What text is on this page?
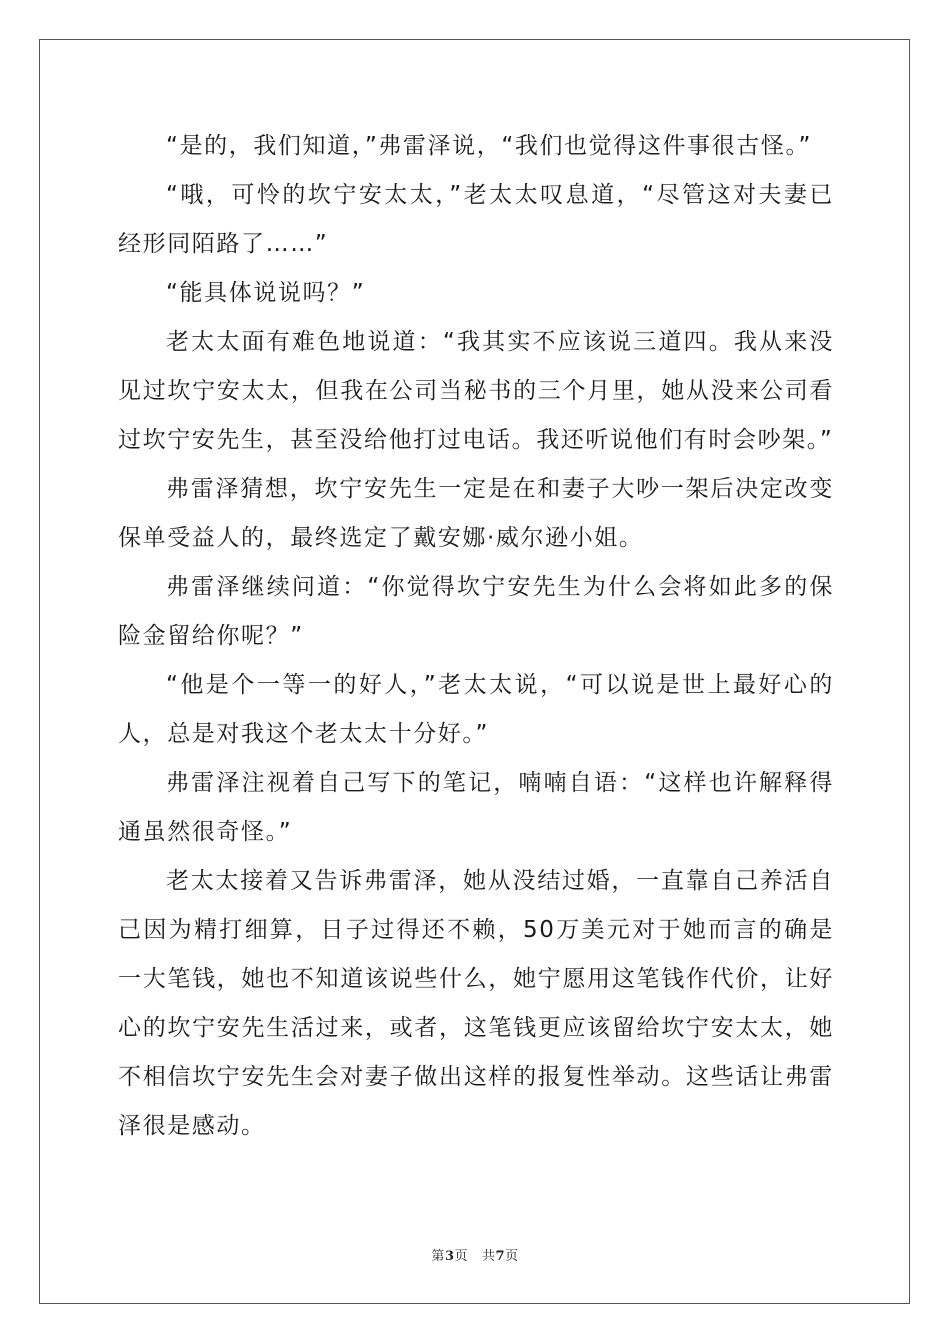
“是的，我们知道，”弗雷泽说，“我们也觉得这件事很古怪。”

“哦，可怜的坎宁安太太，”老太太叹息道，“尽管这对夫妻已经形同陌路了……”

“能具体说说吗？”

老太太面有难色地说道：“我其实不应该说三道四。我从来没见过坎宁安太太，但我在公司当秘书的三个月里，她从没来公司看过坎宁安先生，甚至没给他打过电话。我还听说他们有时会吵架。”

弗雷泽猜想，坎宁安先生一定是在和妻子大吵一架后决定改变保单受益人的，最终选定了戴安娜·威尔逊小姐。

弗雷泽继续问道：“你觉得坎宁安先生为什么会将如此多的保险金留给你呢？”

“他是个一等一的好人，”老太太说，“可以说是世上最好心的人，总是对我这个老太太十分好。”

弗雷泽注视着自己写下的笔记，喃喃自语：“这样也许解释得通虽然很奇怪。”

老太太接着又告诉弗雷泽，她从没结过婚，一直靠自己养活自己因为精打细算，日子过得还不赖，50万美元对于她而言的确是一大笔钱，她也不知道该说些什么，她宁愿用这笔钱作代价，让好心的坎宁安先生活过来，或者，这笔钱更应该留给坎宁安太太，她不相信坎宁安先生会对妻子做出这样的报复性举动。这些话让弗雷泽很是感动。

第3页 共7页
